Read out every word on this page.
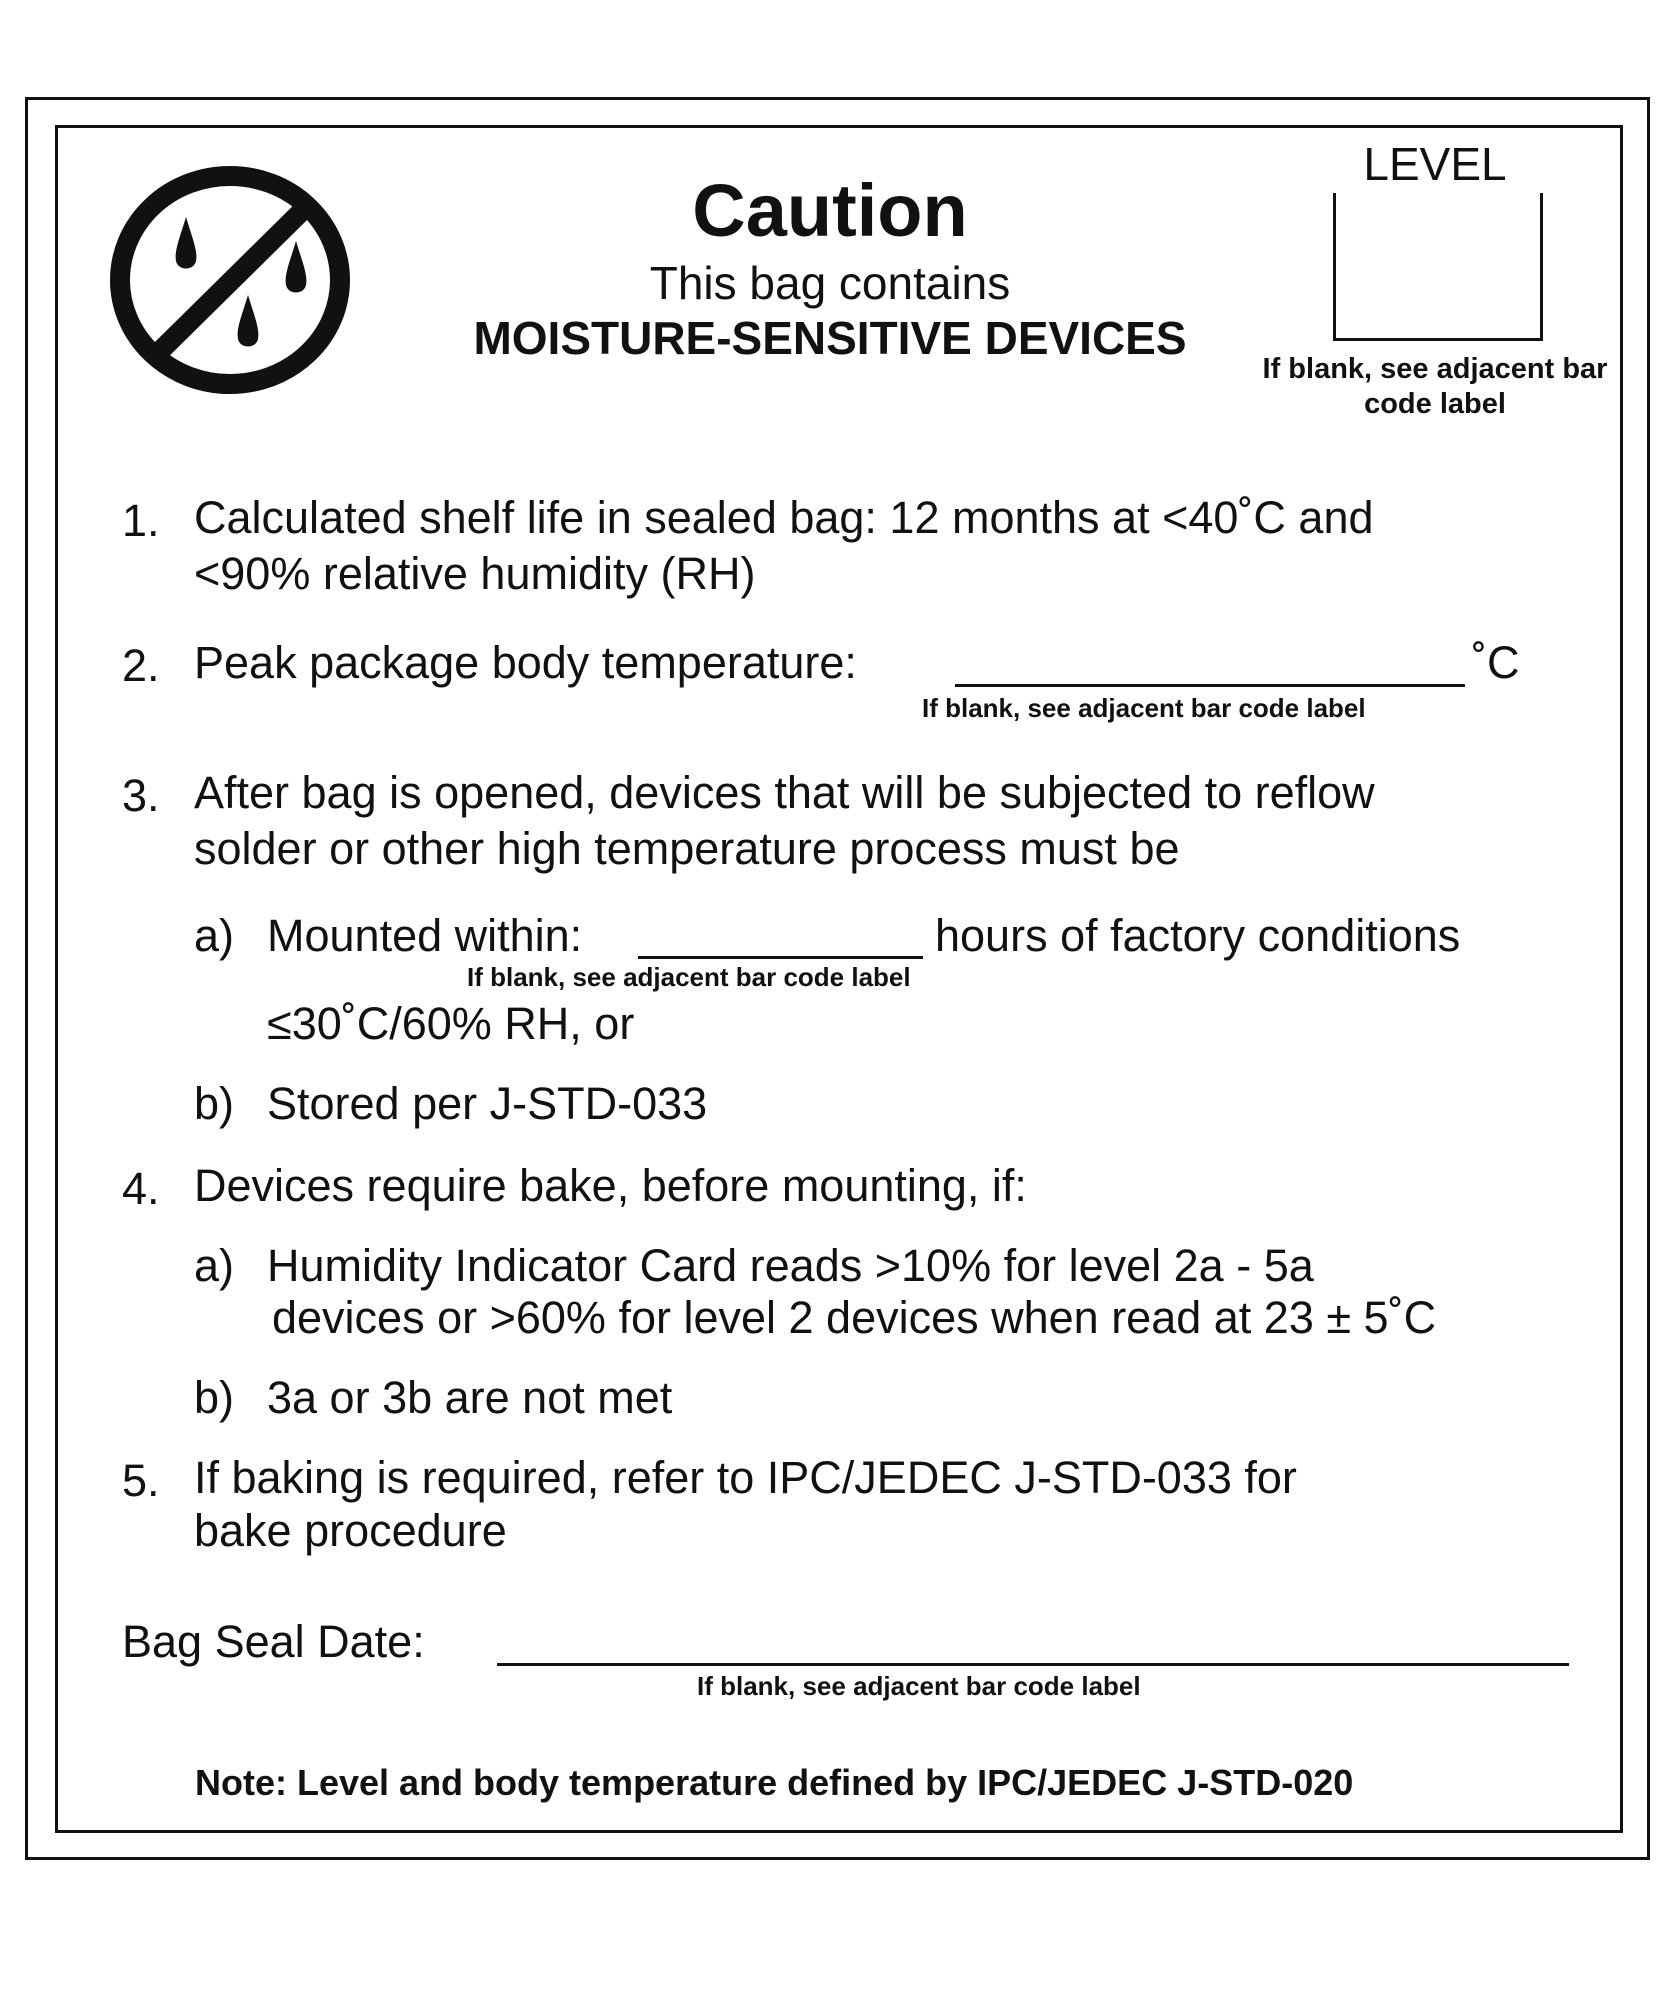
Caution
This bag contains
MOISTURE-SENSITIVE DEVICES
LEVEL
If blank, see adjacent bar code label
1. Calculated shelf life in sealed bag: 12 months at <40˚C and
<90% relative humidity (RH)
2. Peak package body temperature:	˚C
If blank, see adjacent bar code label
3. After bag is opened, devices that will be subjected to reflow
solder or other high temperature process must be
a) Mounted within:	hours of factory conditions
If blank, see adjacent bar code label
≤30˚C/60% RH, or
b) Stored per J-STD-033
4. Devices require bake, before mounting, if:
a) Humidity Indicator Card reads >10% for level 2a - 5a
devices or >60% for level 2 devices when read at 23 ± 5˚C
b) 3a or 3b are not met
5. If baking is required, refer to IPC/JEDEC J-STD-033 for
bake procedure
Bag Seal Date:
If blank, see adjacent bar code label
Note: Level and body temperature defined by IPC/JEDEC J-STD-020
